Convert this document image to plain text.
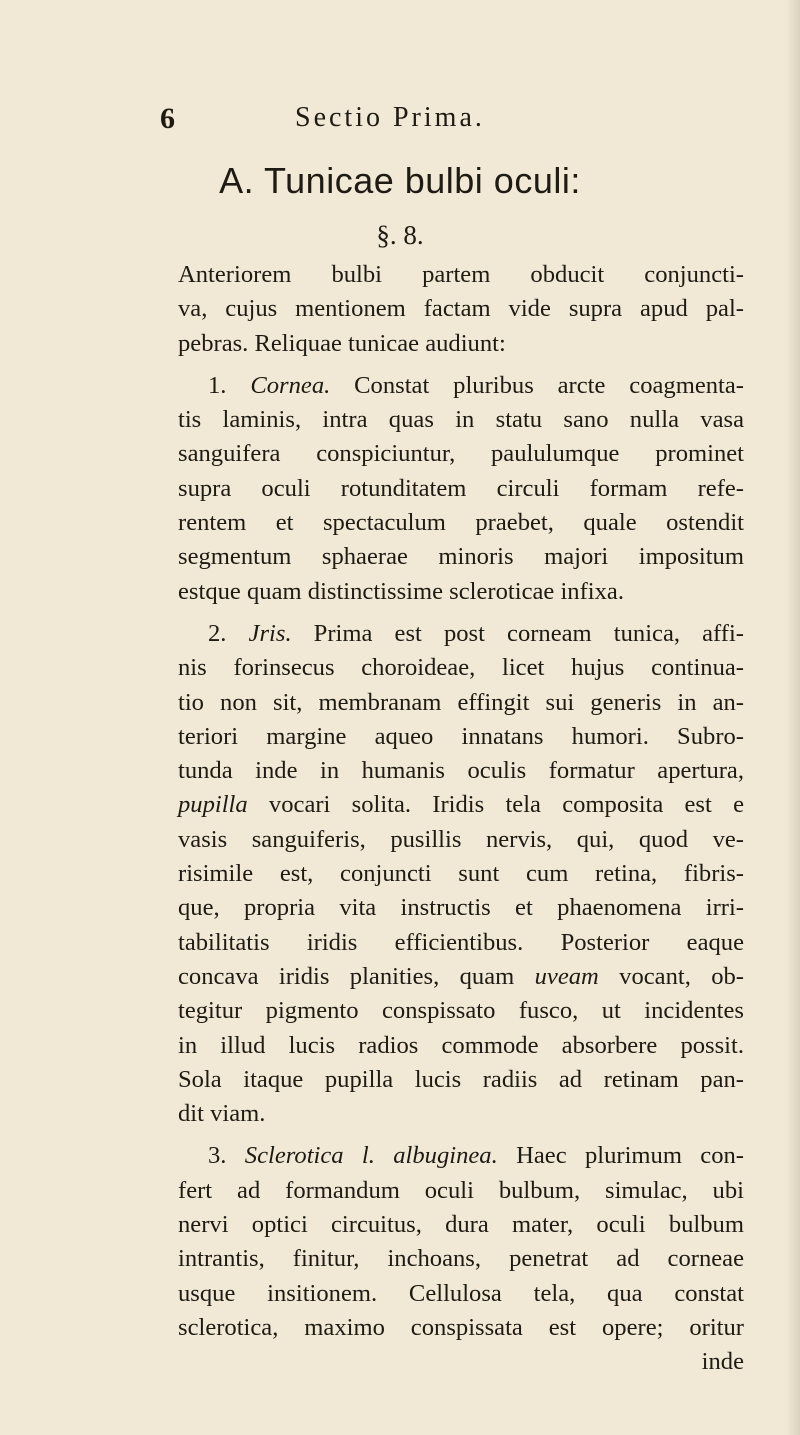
6	Sectio Prima.
A. Tunicae bulbi oculi:
§. 8.
Anteriorem bulbi partem obducit conjuncti-
va, cujus mentionem factam vide supra apud pal-
pebras. Reliquae tunicae audiunt:
1. Cornea. Constat pluribus arcte coagmenta-
tis laminis, intra quas in statu sano nulla vasa
sanguifera conspiciuntur, paululumque prominet
supra oculi rotunditatem circuli formam refe-
rentem et spectaculum praebet, quale ostendit
segmentum sphaerae minoris majori impositum
estque quam distinctissime scleroticae infixa.
2. Jris. Prima est post corneam tunica, affi-
nis forinsecus choroideae, licet hujus continua-
tio non sit, membranam effingit sui generis in an-
teriori margine aqueo innatans humori. Subro-
tunda inde in humanis oculis formatur apertura,
pupilla vocari solita. Iridis tela composita est e
vasis sanguiferis, pusillis nervis, qui, quod ve-
risimile est, conjuncti sunt cum retina, fibris-
que, propria vita instructis et phaenomena irri-
tabilitatis iridis efficientibus. Posterior eaque
concava iridis planities, quam uveam vocant, ob-
tegitur pigmento conspissato fusco, ut incidentes
in illud lucis radios commode absorbere possit.
Sola itaque pupilla lucis radiis ad retinam pan-
dit viam.
3. Sclerotica l. albuginea. Haec plurimum con-
fert ad formandum oculi bulbum, simulac, ubi
nervi optici circuitus, dura mater, oculi bulbum
intrantis, finitur, inchoans, penetrat ad corneae
usque insitionem. Cellulosa tela, qua constat
sclerotica, maximo conspissata est opere; oritur
inde
